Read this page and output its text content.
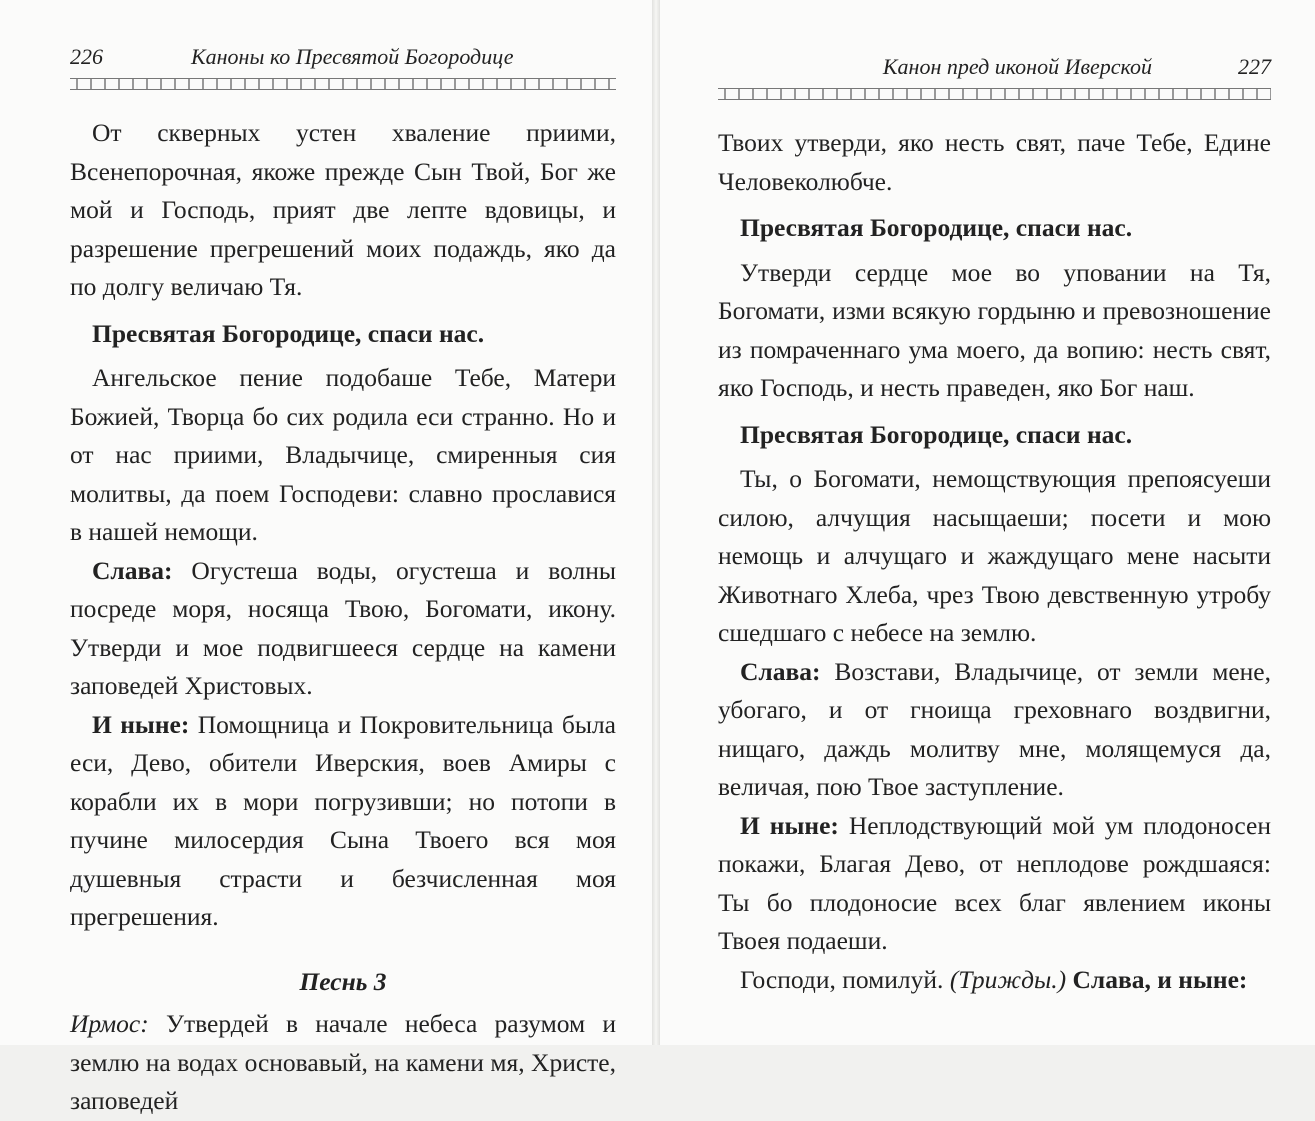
226	Каноны ко Пресвятой Богородице

От скверных устен хваление приими, Всенепорочная, якоже прежде Сын Твой, Бог же мой и Господь, прият две лепте вдовицы, и разрешение прегрешений моих подаждь, яко да по долгу величаю Тя.

Пресвятая Богородице, спаси нас.

Ангельское пение подобаше Тебе, Матери Божией, Творца бо сих родила еси странно. Но и от нас приими, Владычице, смиренныя сия молитвы, да поем Господеви: славно прославися в нашей немощи.

Слава: Огустеша воды, огустеша и волны посреде моря, носяща Твою, Богомати, икону. Утверди и мое подвигшееся сердце на камени заповедей Христовых.

И ныне: Помощница и Покровительница была еси, Дево, обители Иверския, воев Амиры с корабли их в мори погрузивши; но потопи в пучине милосердия Сына Твоего вся моя душевныя страсти и безчисленная моя прегрешения.

Песнь 3

Ирмос: Утвердей в начале небеса разумом и землю на водах основавый, на камени мя, Христе, заповедей

Канон пред иконой Иверской	227

Твоих утверди, яко несть свят, паче Тебе, Едине Человеколюбче.

Пресвятая Богородице, спаси нас.

Утверди сердце мое во уповании на Тя, Богомати, изми всякую гордыню и превозношение из помраченнаго ума моего, да вопию: несть свят, яко Господь, и несть праведен, яко Бог наш.

Пресвятая Богородице, спаси нас.

Ты, о Богомати, немощствующия препоясуеши силою, алчущия насыщаеши; посети и мою немощь и алчущаго и жаждущаго мене насыти Животнаго Хлеба, чрез Твою девственную утробу сшедшаго с небесе на землю.

Слава: Возстави, Владычице, от земли мене, убогаго, и от гноища греховнаго воздвигни, нищаго, даждь молитву мне, молящемуся да, величая, пою Твое заступление.

И ныне: Неплодствующий мой ум плодоносен покажи, Благая Дево, от неплодове рождшаяся: Ты бо плодоносие всех благ явлением иконы Твоея подаеши.

Господи, помилуй. (Трижды.) Слава, и ныне:
